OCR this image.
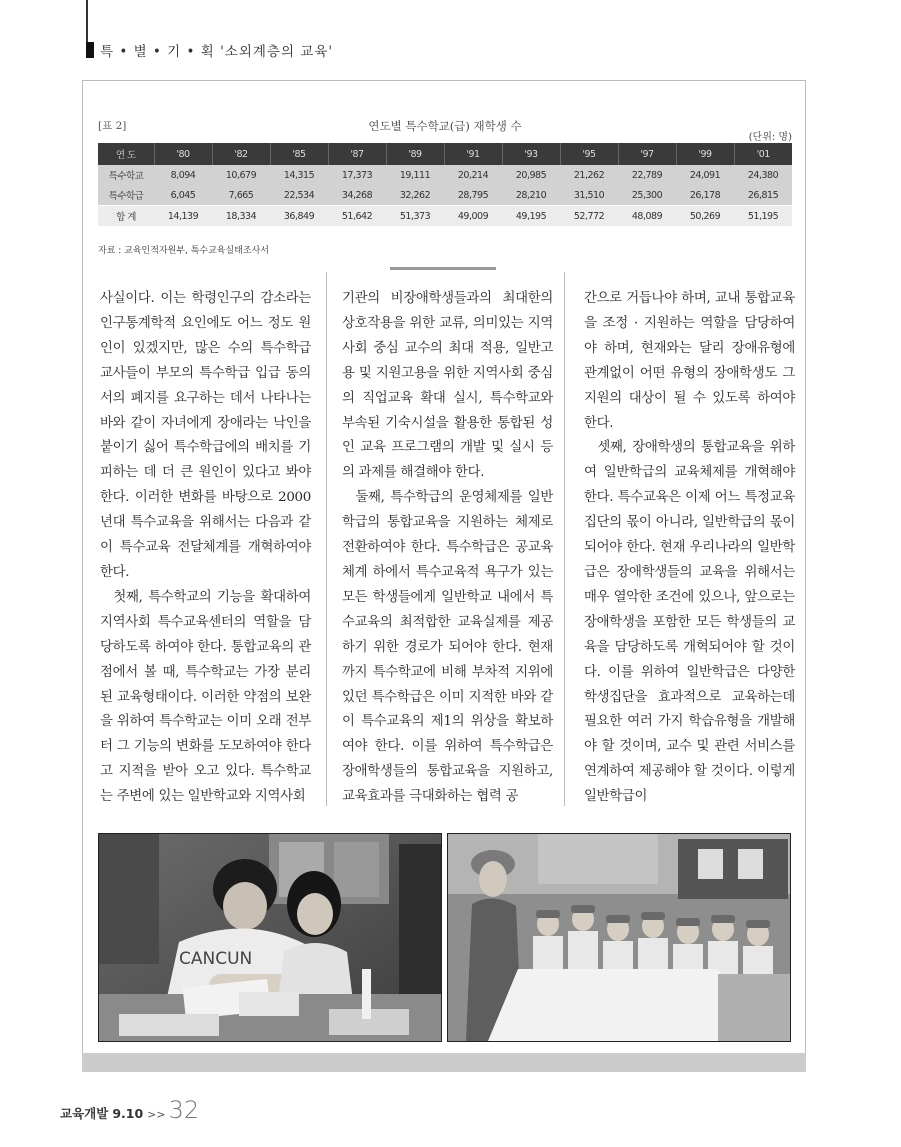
특 • 별 • 기 • 획 '소외계층의 교육'
[표 2]	연도별 특수학교(급) 재학생 수
(단위: 명)
연 도	'80	'82	'85	'87	'89	'91	'93	'95	'97	'99	'01
특수학교	8,094	10,679	14,315	17,373	19,111	20,214	20,985	21,262	22,789	24,091	24,380
특수학급	6,045	7,665	22,534	34,268	32,262	28,795	28,210	31,510	25,300	26,178	26,815
합 계	14,139	18,334	36,849	51,642	51,373	49,009	49,195	52,772	48,089	50,269	51,195
자료 : 교육인적자원부, 특수교육실태조사서

사실이다. 이는 학령인구의 감소라는 인구통계학적 요인에도 어느 정도 원인이 있겠지만, 많은 수의 특수학급 교사들이 부모의 특수학급 입급 동의서의 폐지를 요구하는 데서 나타나는 바와 같이 자녀에게 장애라는 낙인을 붙이기 싫어 특수학급에의 배치를 기피하는 데 더 큰 원인이 있다고 봐야 한다. 이러한 변화를 바탕으로 2000년대 특수교육을 위해서는 다음과 같이 특수교육 전달체계를 개혁하여야 한다.

첫째, 특수학교의 기능을 확대하여 지역사회 특수교육센터의 역할을 담당하도록 하여야 한다. 통합교육의 관점에서 볼 때, 특수학교는 가장 분리된 교육형태이다. 이러한 약점의 보완을 위하여 특수학교는 이미 오래 전부터 그 기능의 변화를 도모하여야 한다고 지적을 받아 오고 있다. 특수학교는 주변에 있는 일반학교와 지역사회

기관의 비장애학생들과의 최대한의 상호작용을 위한 교류, 의미있는 지역사회 중심 교수의 최대 적용, 일반고용 및 지원고용을 위한 지역사회 중심의 직업교육 확대 실시, 특수학교와 부속된 기숙시설을 활용한 통합된 성인 교육 프로그램의 개발 및 실시 등의 과제를 해결해야 한다.

둘째, 특수학급의 운영체제를 일반학급의 통합교육을 지원하는 체제로 전환하여야 한다. 특수학급은 공교육체계 하에서 특수교육적 욕구가 있는 모든 학생들에게 일반학교 내에서 특수교육의 최적합한 교육실제를 제공하기 위한 경로가 되어야 한다. 현재까지 특수학교에 비해 부차적 지위에 있던 특수학급은 이미 지적한 바와 같이 특수교육의 제1의 위상을 확보하여야 한다. 이를 위하여 특수학급은 장애학생들의 통합교육을 지원하고, 교육효과를 극대화하는 협력 공

간으로 거듭나야 하며, 교내 통합교육을 조정 · 지원하는 역할을 담당하여야 하며, 현재와는 달리 장애유형에 관계없이 어떤 유형의 장애학생도 그 지원의 대상이 될 수 있도록 하여야 한다.

셋째, 장애학생의 통합교육을 위하여 일반학급의 교육체제를 개혁해야 한다. 특수교육은 이제 어느 특정교육집단의 몫이 아니라, 일반학급의 몫이 되어야 한다. 현재 우리나라의 일반학급은 장애학생들의 교육을 위해서는 매우 열악한 조건에 있으나, 앞으로는 장애학생을 포함한 모든 학생들의 교육을 담당하도록 개혁되어야 할 것이다. 이를 위하여 일반학급은 다양한 학생집단을 효과적으로 교육하는데 필요한 여러 가지 학습유형을 개발해야 할 것이며, 교수 및 관련 서비스를 연계하여 제공해야 할 것이다. 이렇게 일반학급이

CANCUN
교육개발 9.10 >> 32
